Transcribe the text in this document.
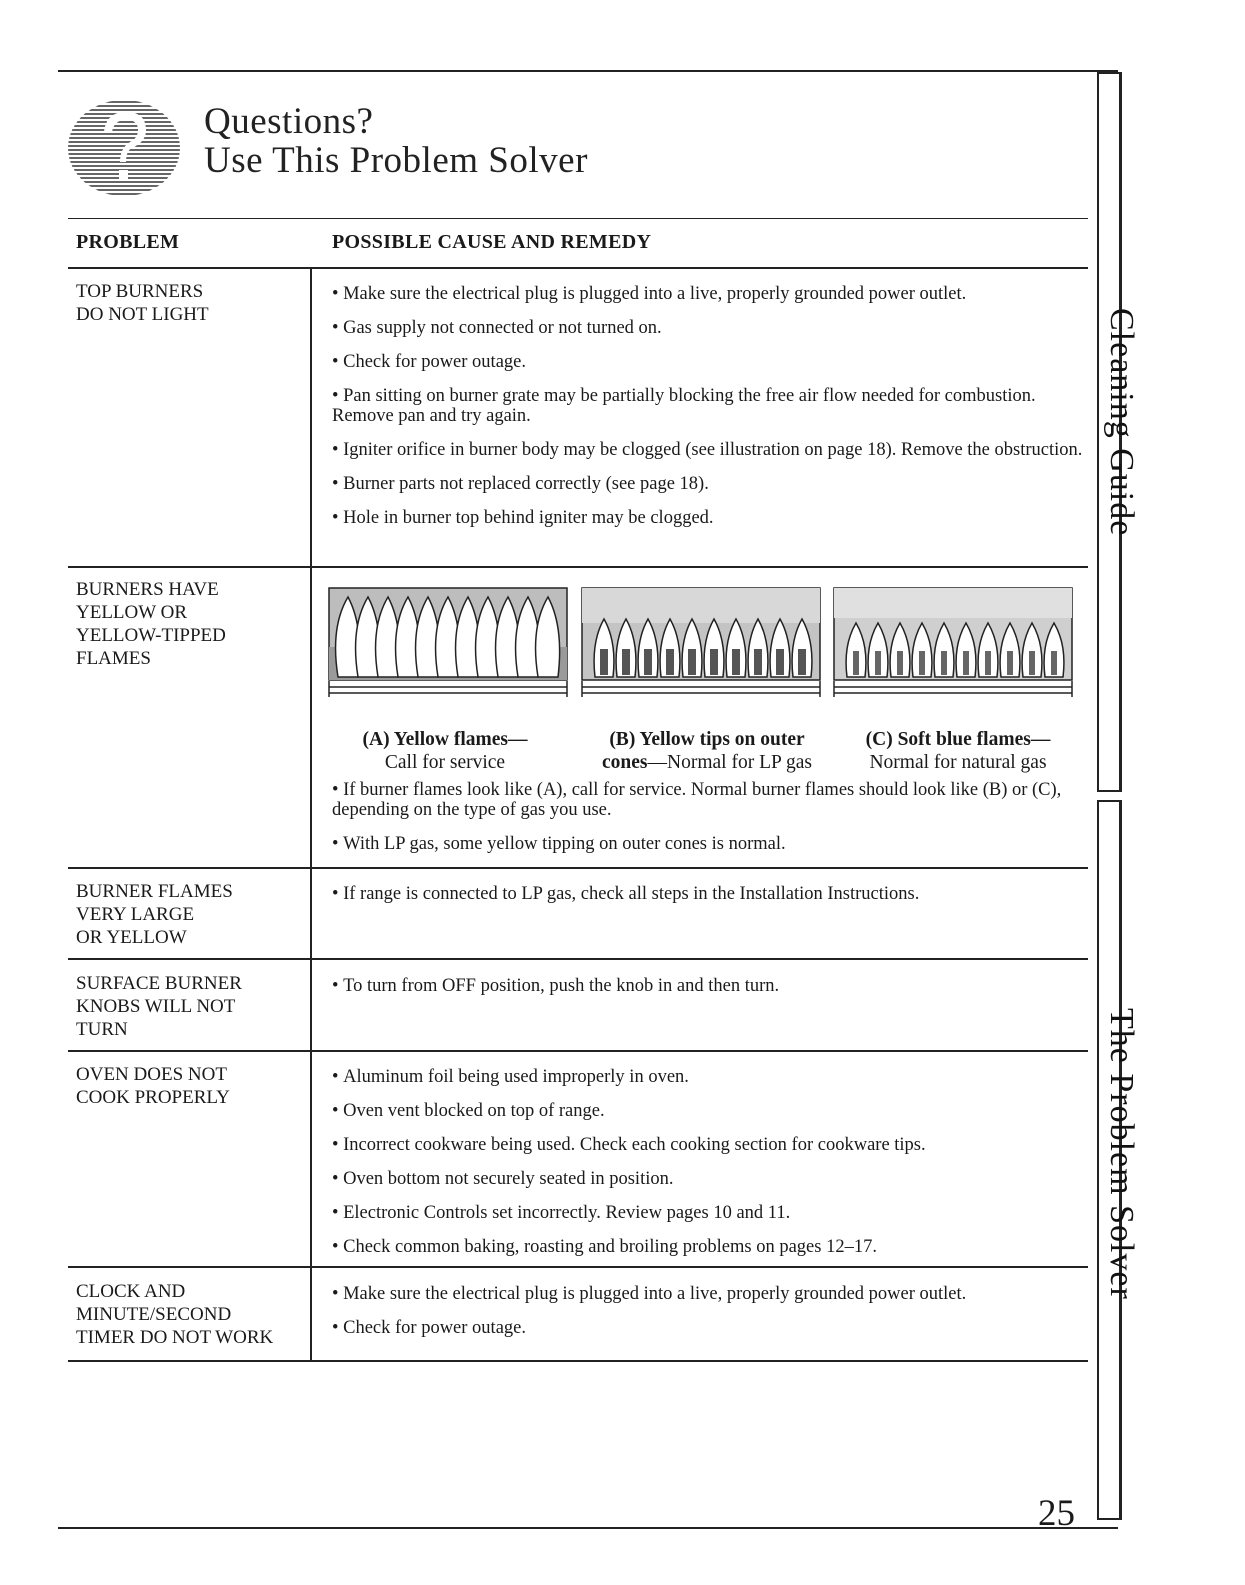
Questions?
Use This Problem Solver
PROBLEM	POSSIBLE CAUSE AND REMEDY
TOP BURNERS
DO NOT LIGHT
• Make sure the electrical plug is plugged into a live, properly grounded power outlet.
• Gas supply not connected or not turned on.
• Check for power outage.
• Pan sitting on burner grate may be partially blocking the free air flow needed for combustion. Remove pan and try again.
• Igniter orifice in burner body may be clogged (see illustration on page 18). Remove the obstruction.
• Burner parts not replaced correctly (see page 18).
• Hole in burner top behind igniter may be clogged.
BURNERS HAVE
YELLOW OR
YELLOW-TIPPED
FLAMES
(A) Yellow flames—
Call for service
(B) Yellow tips on outer
cones—Normal for LP gas
(C) Soft blue flames—
Normal for natural gas
• If burner flames look like (A), call for service. Normal burner flames should look like (B) or (C), depending on the type of gas you use.
• With LP gas, some yellow tipping on outer cones is normal.
BURNER FLAMES
VERY LARGE
OR YELLOW
• If range is connected to LP gas, check all steps in the Installation Instructions.
SURFACE BURNER
KNOBS WILL NOT
TURN
• To turn from OFF position, push the knob in and then turn.
OVEN DOES NOT
COOK PROPERLY
• Aluminum foil being used improperly in oven.
• Oven vent blocked on top of range.
• Incorrect cookware being used. Check each cooking section for cookware tips.
• Oven bottom not securely seated in position.
• Electronic Controls set incorrectly. Review pages 10 and 11.
• Check common baking, roasting and broiling problems on pages 12–17.
CLOCK AND
MINUTE/SECOND
TIMER DO NOT WORK
• Make sure the electrical plug is plugged into a live, properly grounded power outlet.
• Check for power outage.
Cleaning Guide
The Problem Solver
25
